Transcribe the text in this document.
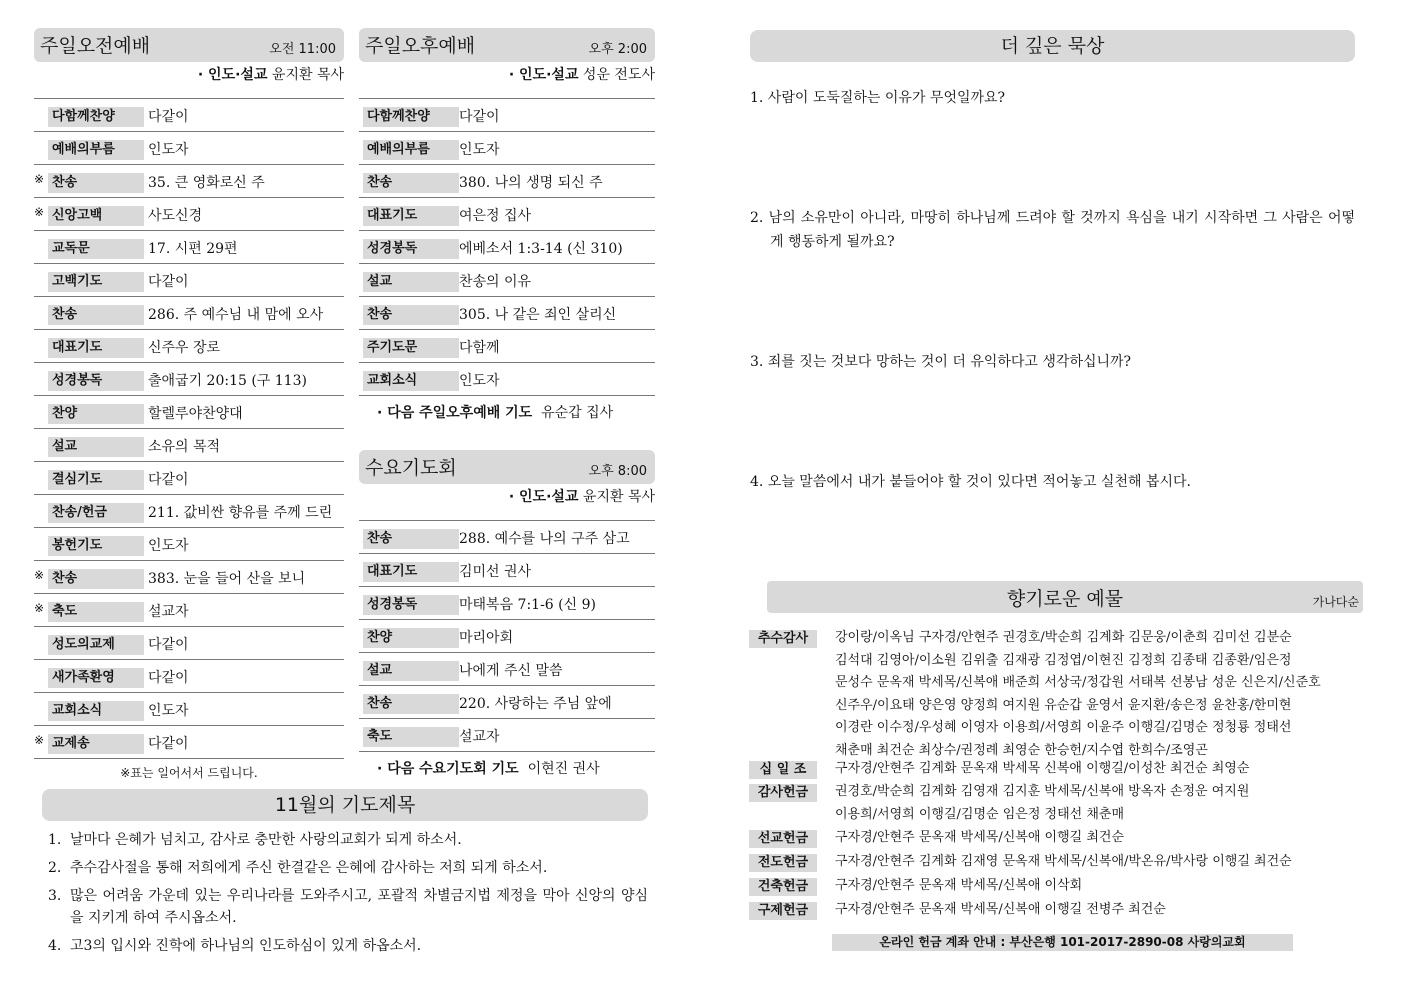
주일오전예배	오전 11:00
· 인도·설교 윤지환 목사
다함께찬양	다같이
예배의부름	인도자
※ 찬송	35. 큰 영화로신 주
※ 신앙고백	사도신경
교독문	17. 시편 29편
고백기도	다같이
찬송	286. 주 예수님 내 맘에 오사
대표기도	신주우 장로
성경봉독	출애굽기 20:15 (구 113)
찬양	할렐루야찬양대
설교	소유의 목적
결심기도	다같이
찬송/헌금	211. 값비싼 향유를 주께 드린
봉헌기도	인도자
※ 찬송	383. 눈을 들어 산을 보니
※ 축도	설교자
성도의교제	다같이
새가족환영	다같이
교회소식	인도자
※ 교제송	다같이
※표는 일어서서 드립니다.
주일오후예배	오후 2:00
· 인도·설교 성운 전도사
다함께찬양	다같이
예배의부름	인도자
찬송	380. 나의 생명 되신 주
대표기도	여은정 집사
성경봉독	에베소서 1:3-14 (신 310)
설교	찬송의 이유
찬송	305. 나 같은 죄인 살리신
주기도문	다함께
교회소식	인도자
· 다음 주일오후예배 기도 유순갑 집사
수요기도회	오후 8:00
· 인도·설교 윤지환 목사
찬송	288. 예수를 나의 구주 삼고
대표기도	김미선 권사
성경봉독	마태복음 7:1-6 (신 9)
찬양	마리아회
설교	나에게 주신 말씀
찬송	220. 사랑하는 주님 앞에
축도	설교자
· 다음 수요기도회 기도 이현진 권사
11월의 기도제목
1. 날마다 은혜가 넘치고, 감사로 충만한 사랑의교회가 되게 하소서.
2. 추수감사절을 통해 저희에게 주신 한결같은 은혜에 감사하는 저희 되게 하소서.
3. 많은 어려움 가운데 있는 우리나라를 도와주시고, 포괄적 차별금지법 제정을 막아 신앙의 양심을 지키게 하여 주시옵소서.
4. 고3의 입시와 진학에 하나님의 인도하심이 있게 하옵소서.
더 깊은 묵상
1. 사람이 도둑질하는 이유가 무엇일까요?
2. 남의 소유만이 아니라, 마땅히 하나님께 드려야 할 것까지 욕심을 내기 시작하면 그 사람은 어떻게 행동하게 될까요?
3. 죄를 짓는 것보다 망하는 것이 더 유익하다고 생각하십니까?
4. 오늘 말씀에서 내가 붙들어야 할 것이 있다면 적어놓고 실천해 봅시다.
향기로운 예물	가나다순
추수감사	강이랑/이옥님 구자경/안현주 권경호/박순희 김계화 김문웅/이춘희 김미선 김분순
김석대 김영아/이소원 김위출 김재광 김정엽/이현진 김정희 김종태 김종환/임은정
문성수 문옥재 박세목/신복애 배준희 서상국/정갑원 서태복 선봉남 성운 신은지/신준호
신주우/이요태 양은영 양정희 여지원 유순갑 윤영서 윤지환/송은정 윤찬홍/한미현
이경란 이수정/우성혜 이영자 이용희/서영희 이윤주 이행길/김명순 정청룡 정태선
채춘매 최건순 최상수/권정례 최영순 한승헌/지수엽 한희수/조영곤
십 일 조	구자경/안현주 김계화 문옥재 박세목 신복애 이행길/이성찬 최건순 최영순
감사헌금	권경호/박순희 김계화 김영재 김지훈 박세목/신복애 방옥자 손정운 여지원
이용희/서영희 이행길/김명순 임은정 정태선 채춘매
선교헌금	구자경/안현주 문옥재 박세목/신복애 이행길 최건순
전도헌금	구자경/안현주 김계화 김재영 문옥재 박세목/신복애/박온유/박사랑 이행길 최건순
건축헌금	구자경/안현주 문옥재 박세목/신복애 이삭회
구제헌금	구자경/안현주 문옥재 박세목/신복애 이행길 전병주 최건순
온라인 헌금 계좌 안내 : 부산은행 101-2017-2890-08 사랑의교회
